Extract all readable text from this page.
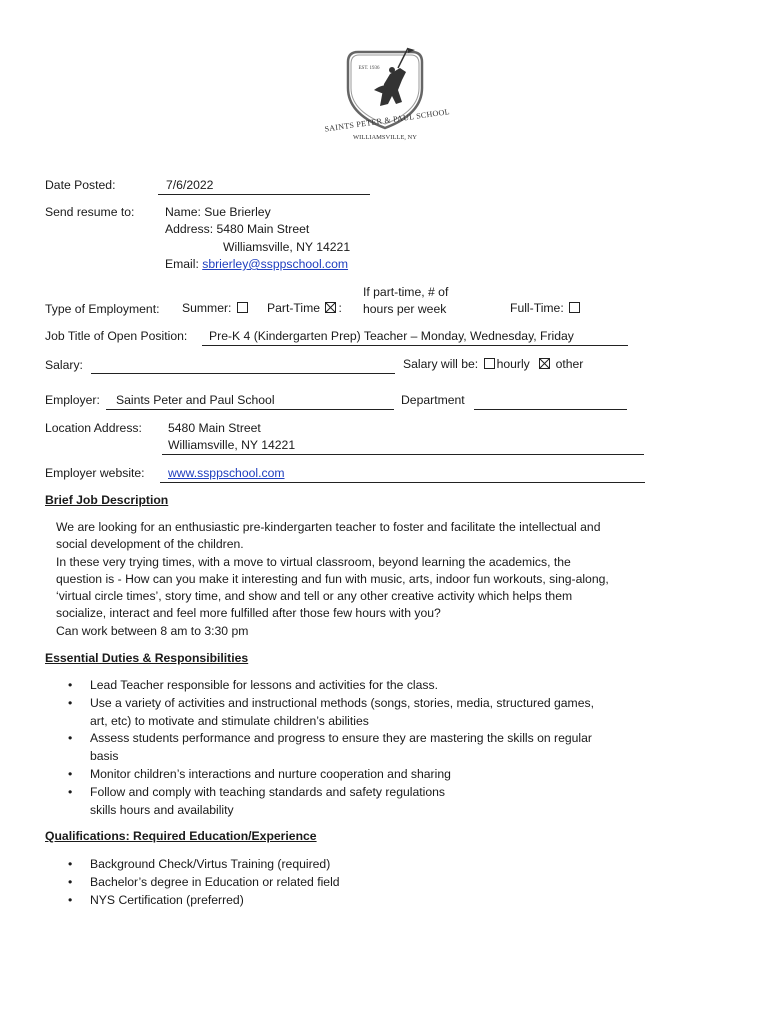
EST. 1936
SAINTS PETER & PAUL SCHOOL
WILLIAMSVILLE, NY
Date Posted:	7/6/2022
Send resume to:	Name: Sue Brierley
Address: 5480 Main Street
Williamsville, NY 14221
Email: sbrierley@ssppschool.com
Type of Employment: Summer:	Part-Time :
If part-time, # of
hours per week	Full-Time:
Job Title of Open Position: Pre-K 4 (Kindergarten Prep) Teacher – Monday, Wednesday, Friday
Salary:	Salary will be: hourly other
Employer: Saints Peter and Paul School	Department
Location Address: 5480 Main Street
Williamsville, NY 14221
Employer website: www.ssppschool.com
Brief Job Description
We are looking for an enthusiastic pre-kindergarten teacher to foster and facilitate the intellectual and
social development of the children.
In these very trying times, with a move to virtual classroom, beyond learning the academics, the
question is - How can you make it interesting and fun with music, arts, indoor fun workouts, sing-along,
‘virtual circle times’, story time, and show and tell or any other creative activity which helps them
socialize, interact and feel more fulfilled after those few hours with you?
Can work between 8 am to 3:30 pm
Essential Duties & Responsibilities
• Lead Teacher responsible for lessons and activities for the class.
• Use a variety of activities and instructional methods (songs, stories, media, structured games,
art, etc) to motivate and stimulate children’s abilities
• Assess students performance and progress to ensure they are mastering the skills on regular
basis
• Monitor children’s interactions and nurture cooperation and sharing
• Follow and comply with teaching standards and safety regulations
skills hours and availability
Qualifications: Required Education/Experience
• Background Check/Virtus Training (required)
• Bachelor’s degree in Education or related field
• NYS Certification (preferred)
